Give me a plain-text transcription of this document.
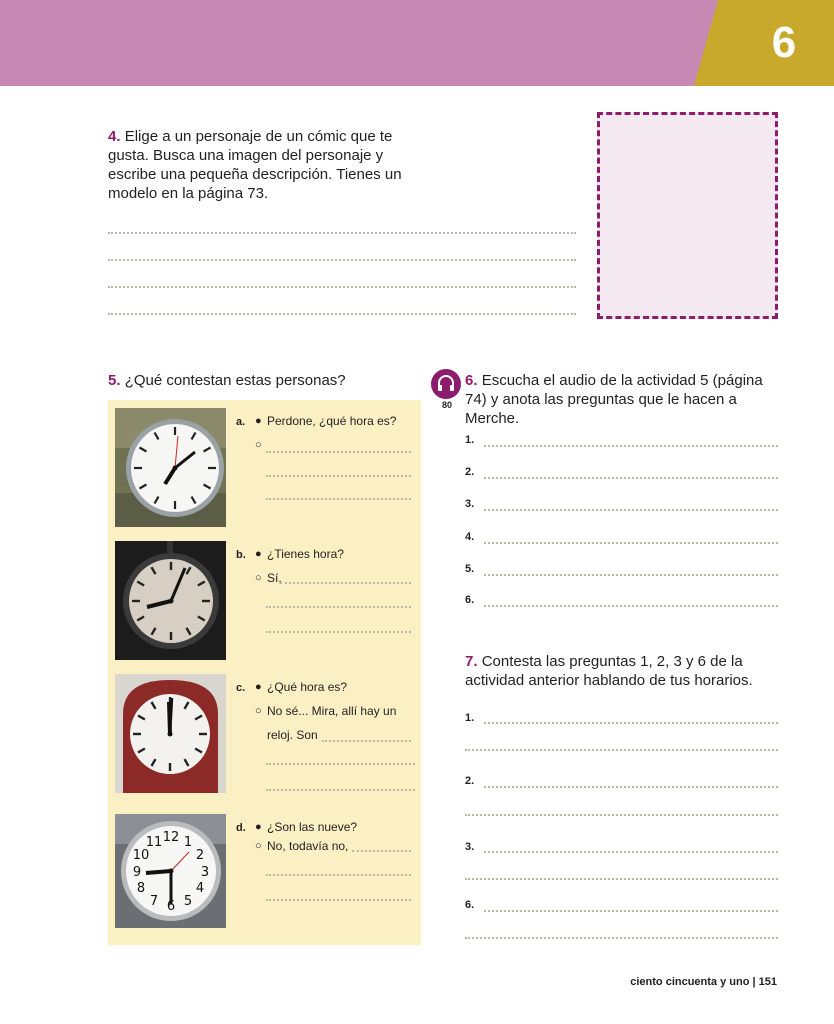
6
4. Elige a un personaje de un cómic que te gusta. Busca una imagen del personaje y escribe una pequeña descripción. Tienes un modelo en la página 73.
5. ¿Qué contestan estas personas?
12 1
2
3
4
5
6
7
8
9
10
11
a. ● Perdone, ¿qué hora es?
○
b. ● ¿Tienes hora?
○ Sí,
c. ● ¿Qué hora es?
○ No sé... Mira, allí hay un
reloj. Son
d. ● ¿Son las nueve?
○ No, todavía no,
80
6. Escucha el audio de la actividad 5 (página 74) y anota las preguntas que le hacen a Merche.
1.
2.
3.
4.
5.
6.
7. Contesta las preguntas 1, 2, 3 y 6 de la actividad anterior hablando de tus horarios.
1.
2.
3.
6.
ciento cincuenta y uno | 151
